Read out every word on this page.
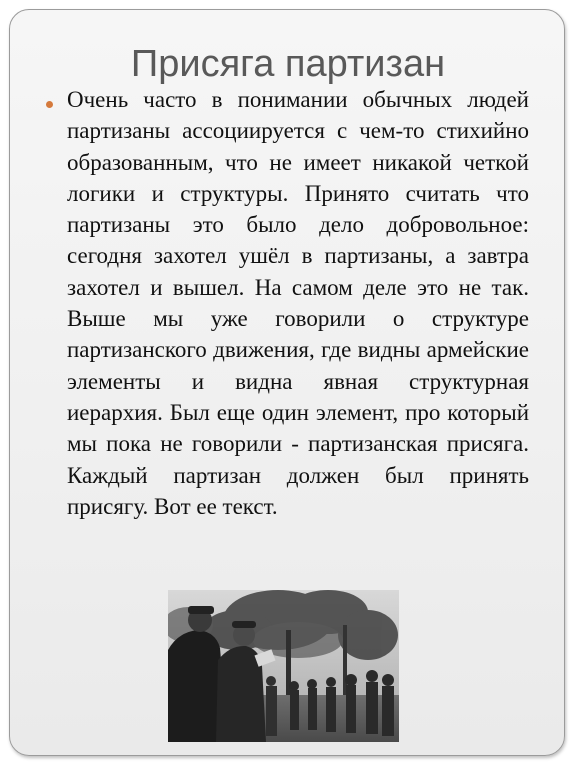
Присяга партизан

Очень часто в понимании обычных людей партизаны ассоциируется с чем-то стихийно образованным, что не имеет никакой четкой логики и структуры. Принято считать что партизаны это было дело добровольное: сегодня захотел ушёл в партизаны, а завтра захотел и вышел. На самом деле это не так. Выше мы уже говорили о структуре партизанского движения, где видны армейские элементы и видна явная структурная иерархия. Был еще один элемент, про который мы пока не говорили - партизанская присяга. Каждый партизан должен был принять присягу. Вот ее текст.
